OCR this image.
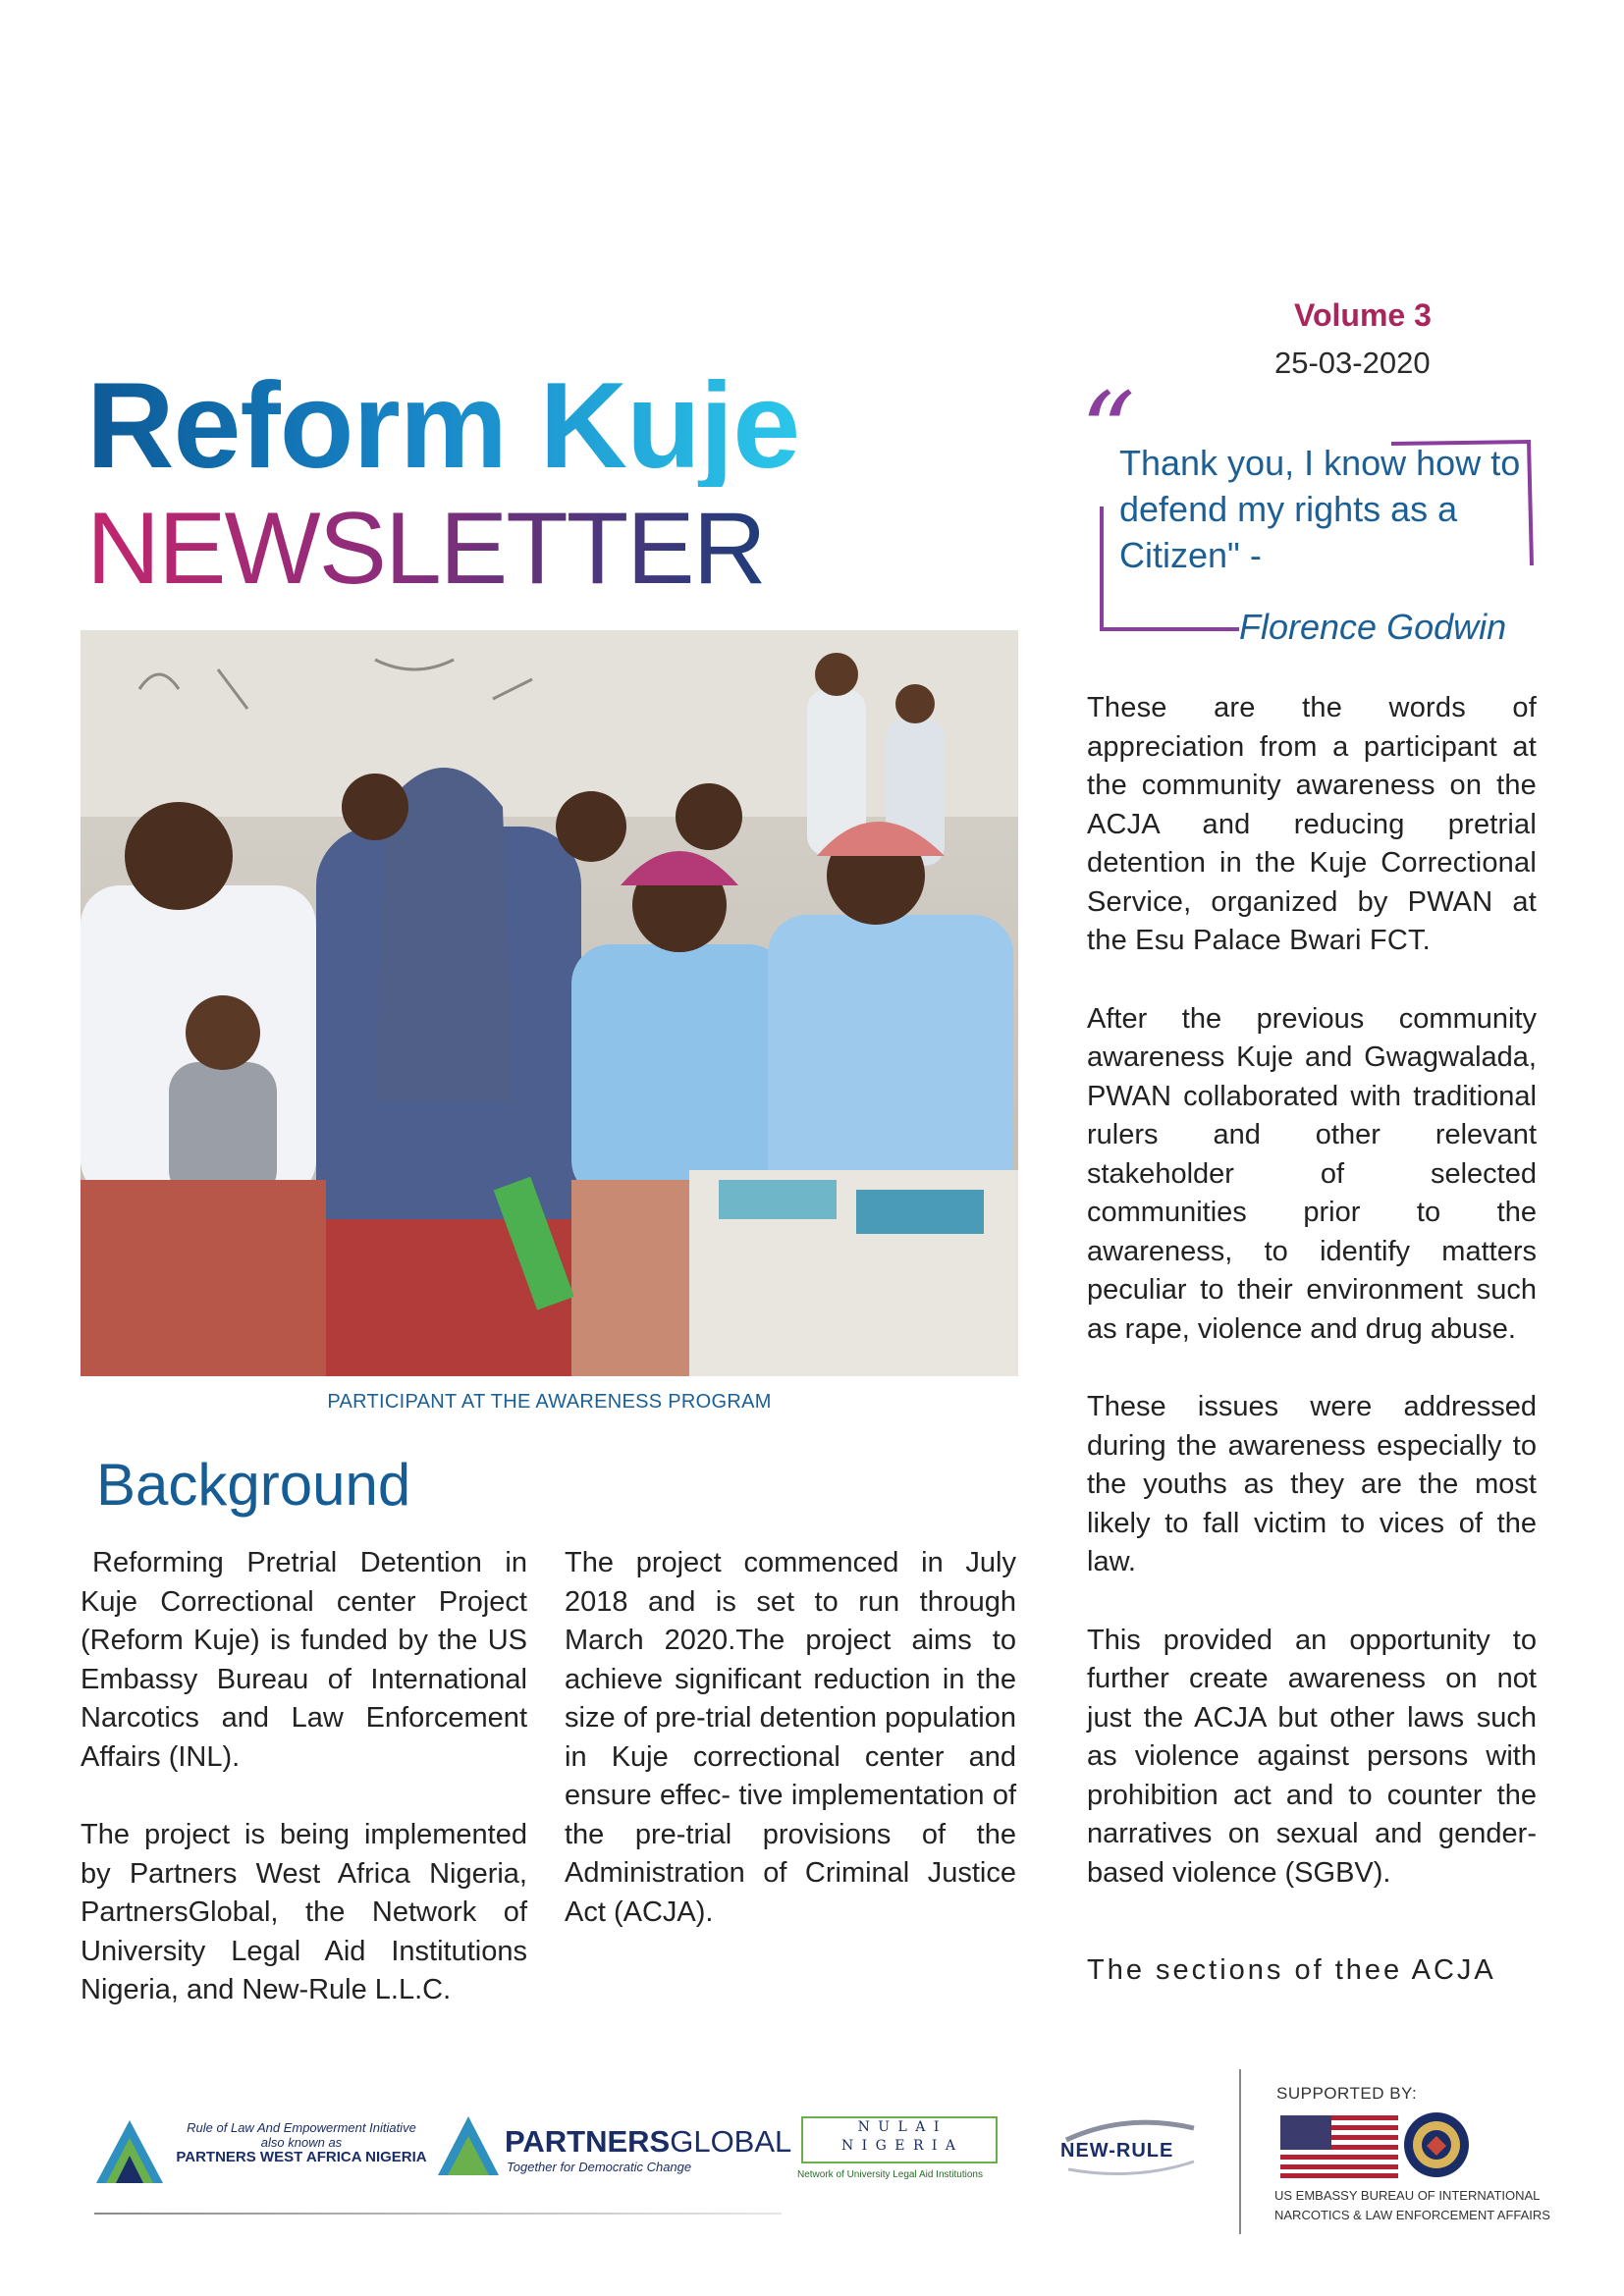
Reform Kuje
NEWSLETTER
Volume 3
25-03-2020
“
Thank you, I know how to defend my rights as a Citizen" -
Florence Godwin
PARTICIPANT AT THE AWARENESS PROGRAM
Background

Reforming Pretrial Detention in Kuje Correctional center Project (Reform Kuje) is funded by the US Embassy Bureau of International Narcotics and Law Enforcement Affairs (INL).

The project is being implemented by Partners West Africa Nigeria, PartnersGlobal, the Network of University Legal Aid Institutions Nigeria, and New-Rule L.L.C.

The project commenced in July 2018 and is set to run through March 2020.The project aims to achieve significant reduction in the size of pre-trial detention population in Kuje correctional center and ensure effec- tive implementation of the pre-trial provisions of the Administration of Criminal Justice Act (ACJA).

These are the words of appreciation from a participant at the community awareness on the ACJA and reducing pretrial detention in the Kuje Correctional Service, organized by PWAN at the Esu Palace Bwari FCT.

After the previous community awareness Kuje and Gwagwalada, PWAN collaborated with traditional rulers and other relevant stakeholder of selected communities prior to the awareness, to identify matters peculiar to their environment such as rape, violence and drug abuse.

These issues were addressed during the awareness especially to the youths as they are the most likely to fall victim to vices of the law.

This provided an opportunity to further create awareness on not just the ACJA but other laws such as violence against persons with prohibition act and to counter the narratives on sexual and gender-based violence (SGBV).

The sections of thee ACJA

Rule of Law And Empowerment Initiative
also known as
PARTNERS WEST AFRICA NIGERIA	PARTNERSGLOBAL
Together for Democratic Change
N U L A I
N I G E R I A
Network of University Legal Aid Institutions
NEW-RULE
SUPPORTED BY:
US EMBASSY BUREAU OF INTERNATIONAL
NARCOTICS & LAW ENFORCEMENT AFFAIRS
